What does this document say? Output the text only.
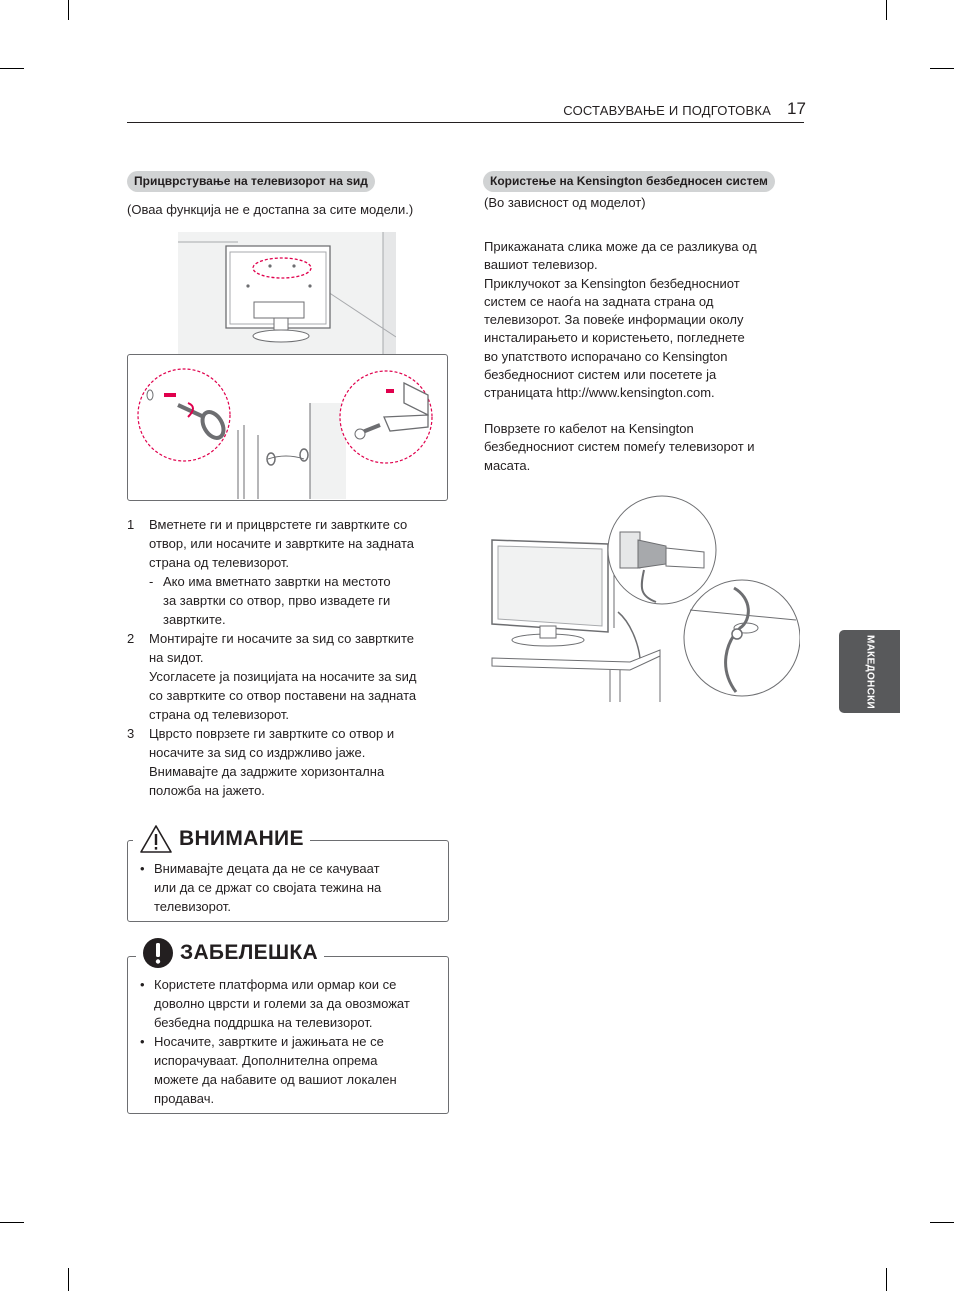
СОСТАВУВАЊЕ И ПОДГОТОВКА 17
МАКЕДОНСКИ
Прицврстување на телевизорот на ѕид
(Оваа функција не е достапна за сите модели.)
1 Вметнете ги и прицврстете ги завртките со
отвор, или носачите и завртките на задната
страна од телевизорот.
- Ако има вметнато завртки на местото
за завртки со отвор, прво извадете ги
завртките.
2 Монтирајте ги носачите за ѕид со завртките
на ѕидот.
Усогласете ја позицијата на носачите за ѕид
со завртките со отвор поставени на задната
страна од телевизорот.
3 Цврсто поврзете ги завртките со отвор и
носачите за ѕид со издржливо јаже.
Внимавајте да задржите хоризонтална
положба на јажето.
ВНИМАНИЕ
• Внимавајте децата да не се качуваат
или да се држат со својата тежина на
телевизорот.
ЗАБЕЛЕШКА
• Користете платформа или ормар кои се
доволно цврсти и големи за да овозможат
безбедна поддршка на телевизорот.
• Носачите, завртките и јажињата не се
испорачуваат. Дополнителна опрема
можете да набавите од вашиот локален
продавач.
Користење на Kensington безбедносен систем
(Во зависност од моделот)
Прикажаната слика може да се разликува од
вашиот телевизор.
Приклучокот за Kensington безбедносниот
систем се наоѓа на задната страна од
телевизорот. За повеќе информации околу
инсталирањето и користењето, погледнете
во упатството испорачано со Kensington
безбедносниот систем или посетете ја
страницата http://www.kensington.com.
Поврзете го кабелот на Kensington
безбедносниот систем помеѓу телевизорот и
масата.
